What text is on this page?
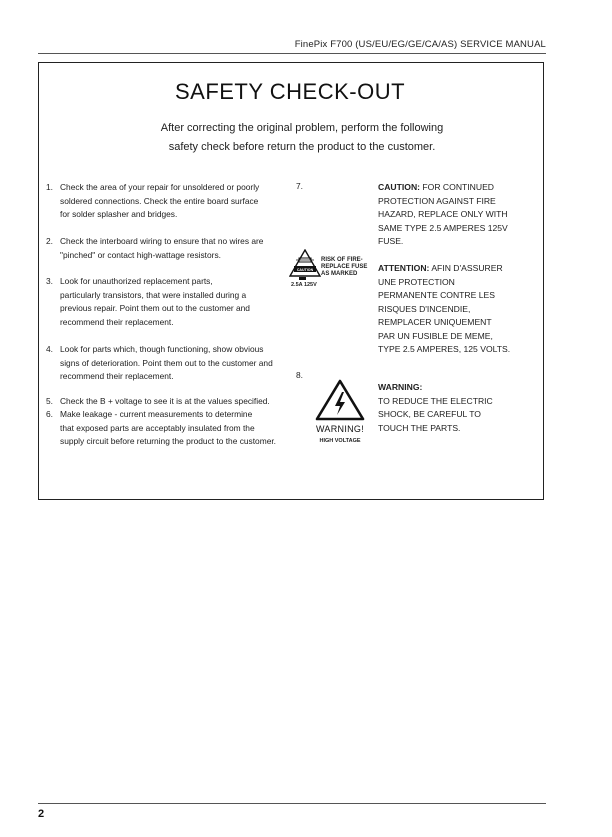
FinePix F700 (US/EU/EG/GE/CA/AS) SERVICE MANUAL
SAFETY CHECK-OUT
After correcting the original problem, perform the following
safety check before return the product to the customer.
1. Check the area of your repair for unsoldered or poorly
soldered connections. Check the entire board surface
for solder splasher and bridges.
2. Check the interboard wiring to ensure that no wires are
"pinched" or contact high-wattage resistors.
3. Look for unauthorized replacement parts,
particularly transistors, that were installed during a
previous repair. Point them out to the customer and
recommend their replacement.
4. Look for parts which, though functioning, show obvious
signs of deterioration. Point them out to the customer and
recommend their replacement.
5. Check the B + voltage to see it is at the values specified.
6. Make leakage - current measurements to determine
that exposed parts are acceptably insulated from the
supply circuit before returning the product to the customer.
7.
CAUTION
RISK OF FIRE-
REPLACE FUSE
AS MARKED
2.5A 125V
CAUTION: FOR CONTINUED
PROTECTION AGAINST FIRE
HAZARD, REPLACE ONLY WITH
SAME TYPE 2.5 AMPERES 125V
FUSE.
ATTENTION: AFIN D'ASSURER
UNE PROTECTION
PERMANENTE CONTRE LES
RISQUES D'INCENDIE,
REMPLACER UNIQUEMENT
PAR UN FUSIBLE DE MEME,
TYPE 2.5 AMPERES, 125 VOLTS.
8.
WARNING!
HIGH VOLTAGE
WARNING:
TO REDUCE THE ELECTRIC
SHOCK, BE CAREFUL TO
TOUCH THE PARTS.
2
